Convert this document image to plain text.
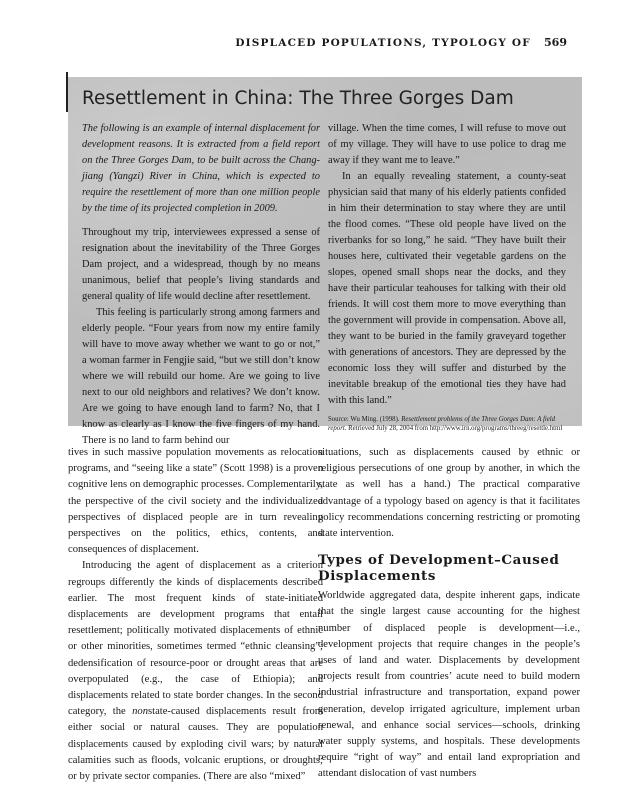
DISPLACED POPULATIONS, TYPOLOGY OF 569
Resettlement in China: The Three Gorges Dam

The following is an example of internal displacement for development reasons. It is extracted from a field report on the Three Gorges Dam, to be built across the Chang-jiang (Yangzi) River in China, which is expected to require the resettlement of more than one million people by the time of its projected completion in 2009.

Throughout my trip, interviewees expressed a sense of resignation about the inevitability of the Three Gorges Dam project, and a widespread, though by no means unanimous, belief that people’s living standards and general quality of life would decline after resettlement.

This feeling is particularly strong among farmers and elderly people. “Four years from now my entire family will have to move away whether we want to go or not,” a woman farmer in Fengjie said, “but we still don’t know where we will rebuild our home. Are we going to live next to our old neighbors and relatives? We don’t know. Are we going to have enough land to farm? No, that I know as clearly as I know the five fingers of my hand. There is no land to farm behind our

village. When the time comes, I will refuse to move out of my village. They will have to use police to drag me away if they want me to leave.”

In an equally revealing statement, a county-seat physician said that many of his elderly patients confided in him their determination to stay where they are until the flood comes. “These old people have lived on the riverbanks for so long,” he said. “They have built their houses here, cultivated their vegetable gardens on the slopes, opened small shops near the docks, and they have their particular teahouses for talking with their old friends. It will cost them more to move everything than the government will provide in compensation. Above all, they want to be buried in the family graveyard together with generations of ancestors. They are depressed by the economic loss they will suffer and disturbed by the inevitable breakup of the emotional ties they have had with this land.”

Source: Wu Ming. (1998). Resettlement problems of the Three Gorges Dam: A field report. Retrieved July 28, 2004 from http://www.irn.org/programs/threeg/resettle.html

tives in such massive population movements as relocation programs, and “seeing like a state” (Scott 1998) is a proven cognitive lens on demographic processes. Complementarily, the perspective of the civil society and the individualized perspectives of displaced people are in turn revealing perspectives on the politics, ethics, contents, and consequences of displacement.

Introducing the agent of displacement as a criterion regroups differently the kinds of displacements described earlier. The most frequent kinds of state-initiated displacements are development programs that entail resettlement; politically motivated displacements of ethnic or other minorities, sometimes termed “ethnic cleansing”; dedensification of resource-poor or drought areas that are overpopulated (e.g., the case of Ethiopia); and displacements related to state border changes. In the second category, the nonstate-caused displacements result from either social or natural causes. They are population displacements caused by exploding civil wars; by natural calamities such as floods, volcanic eruptions, or droughts; or by private sector companies. (There are also “mixed”

situations, such as displacements caused by ethnic or religious persecutions of one group by another, in which the state as well has a hand.) The practical comparative advantage of a typology based on agency is that it facilitates policy recommendations concerning restricting or promoting state intervention.

Types of Development–Caused Displacements

Worldwide aggregated data, despite inherent gaps, indicate that the single largest cause accounting for the highest number of displaced people is development—i.e., development projects that require changes in the people’s uses of land and water. Displacements by development projects result from countries’ acute need to build modern industrial infrastructure and transportation, expand power generation, develop irrigated agriculture, implement urban renewal, and enhance social services—schools, drinking water supply systems, and hospitals. These developments require “right of way” and entail land expropriation and attendant dislocation of vast numbers
